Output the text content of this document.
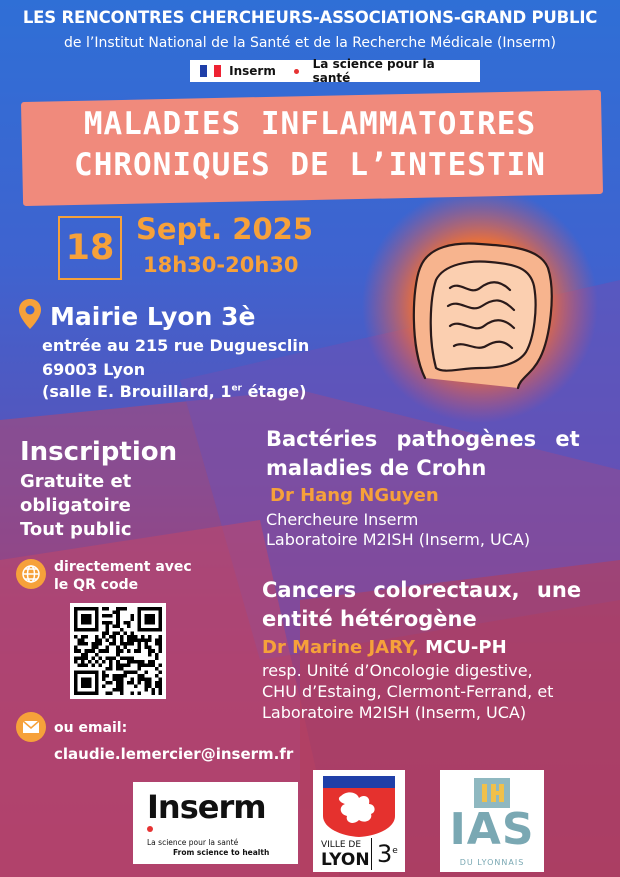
LES RENCONTRES CHERCHEURS-ASSOCIATIONS-GRAND PUBLIC
de l’Institut National de la Santé et de la Recherche Médicale (Inserm)
Inserm	La science pour la santé
MALADIES INFLAMMATOIRES
CHRONIQUES DE L’INTESTIN
18 Sept. 2025
18h30-20h30
Mairie Lyon 3è
entrée au 215 rue Duguesclin
69003 Lyon
(salle E. Brouillard, 1er étage)
Inscription
Gratuite et
obligatoire
Tout public
directement avec
le QR code
ou email:
claudie.lemercier@inserm.fr
Bactéries pathogènes et
maladies de Crohn
Dr Hang NGuyen
Chercheure Inserm
Laboratoire M2ISH (Inserm, UCA)
Cancers colorectaux, une
entité hétérogène
Dr Marine JARY, MCU-PH
resp. Unité d’Oncologie digestive,
CHU d’Estaing, Clermont-Ferrand, et
Laboratoire M2ISH (Inserm, UCA)
Inserm
La science pour la santé
From science to health
VILLE DE
LYON 3e IAS
DU LYONNAIS
